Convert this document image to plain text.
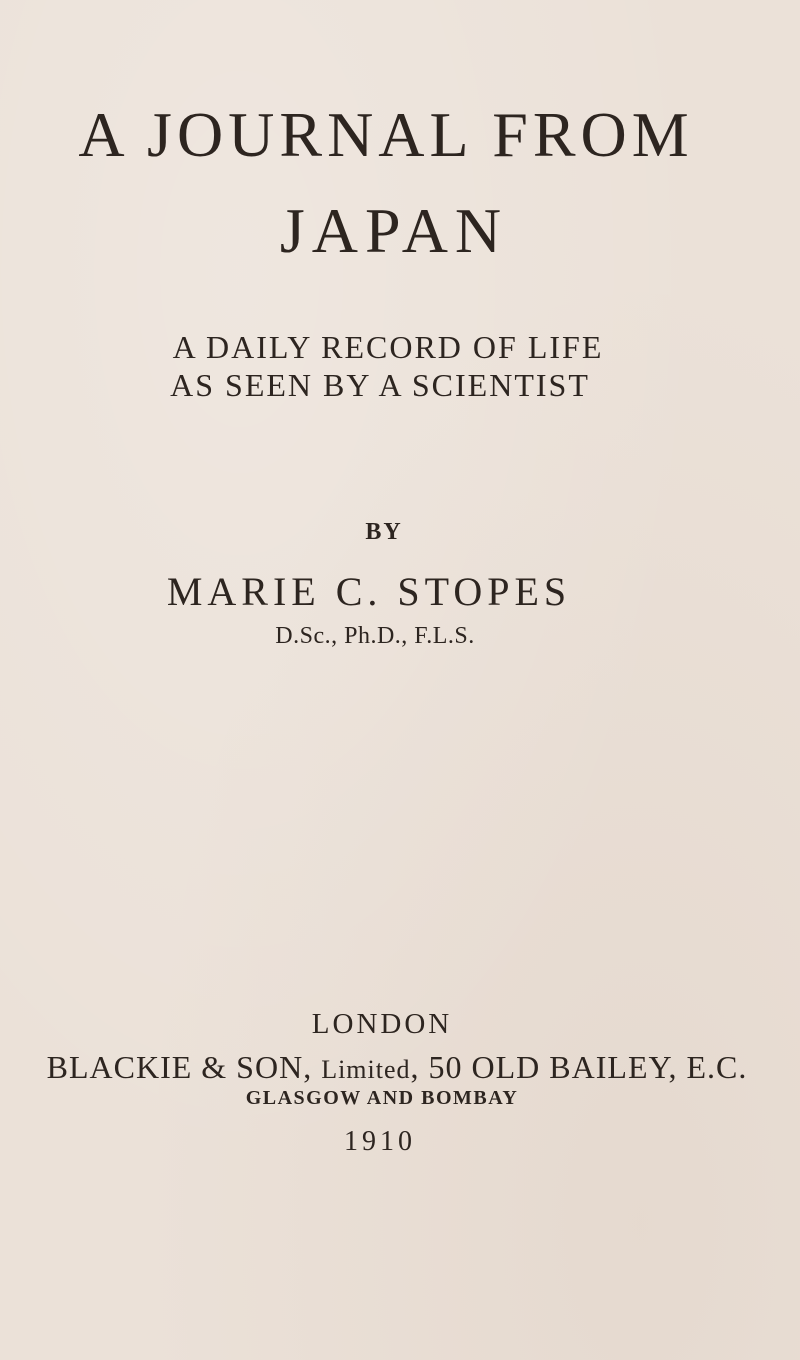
A JOURNAL FROM
JAPAN
A DAILY RECORD OF LIFE
AS SEEN BY A SCIENTIST
BY
MARIE C. STOPES
D.Sc., Ph.D., F.L.S.
LONDON
BLACKIE & SON, Limited, 50 OLD BAILEY, E.C.
GLASGOW AND BOMBAY
1910
